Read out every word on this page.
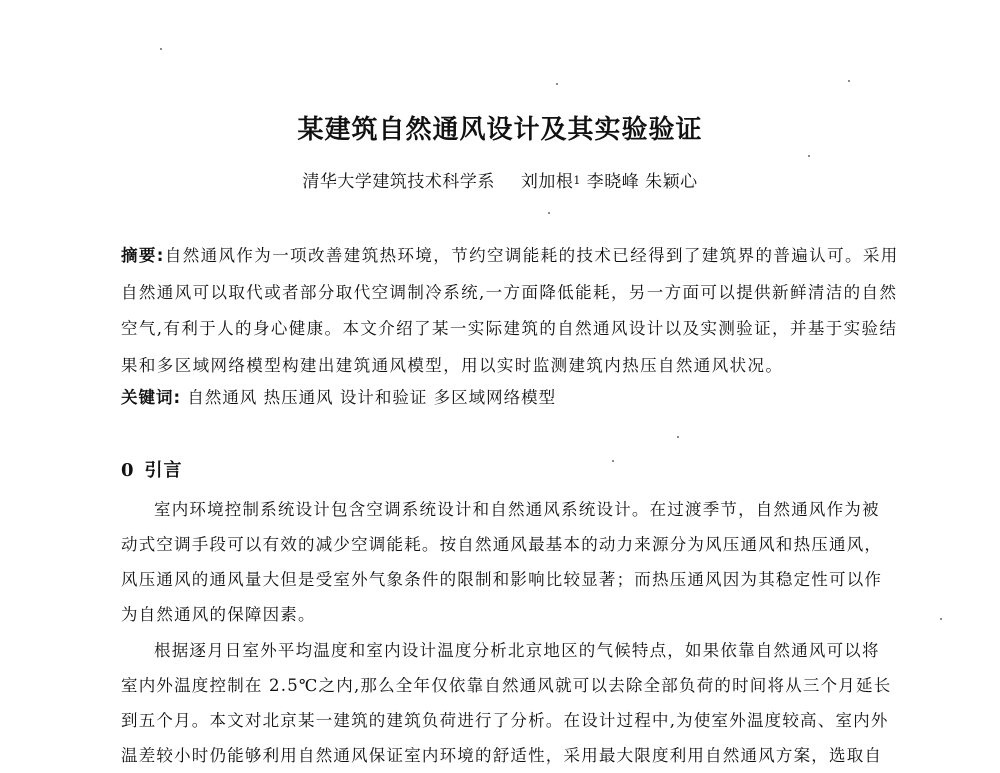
某建筑自然通风设计及其实验验证
清华大学建筑技术科学系 刘加根$^1$ 李晓峰 朱颖心
摘要:自然通风作为一项改善建筑热环境，节约空调能耗的技术已经得到了建筑界的普遍认可。采用
自然通风可以取代或者部分取代空调制冷系统,一方面降低能耗，另一方面可以提供新鲜清洁的自然
空气,有利于人的身心健康。本文介绍了某一实际建筑的自然通风设计以及实测验证，并基于实验结
果和多区域网络模型构建出建筑通风模型，用以实时监测建筑内热压自然通风状况。
关键词: 自然通风 热压通风 设计和验证 多区域网络模型
0 引言
室内环境控制系统设计包含空调系统设计和自然通风系统设计。在过渡季节，自然通风作为被
动式空调手段可以有效的减少空调能耗。按自然通风最基本的动力来源分为风压通风和热压通风，
风压通风的通风量大但是受室外气象条件的限制和影响比较显著；而热压通风因为其稳定性可以作
为自然通风的保障因素。
根据逐月日室外平均温度和室内设计温度分析北京地区的气候特点，如果依靠自然通风可以将
室内外温度控制在 2.5℃之内,那么全年仅依靠自然通风就可以去除全部负荷的时间将从三个月延长
到五个月。本文对北京某一建筑的建筑负荷进行了分析。在设计过程中,为使室外温度较高、室内外
温差较小时仍能够利用自然通风保证室内环境的舒适性，采用最大限度利用自然通风方案，选取自
